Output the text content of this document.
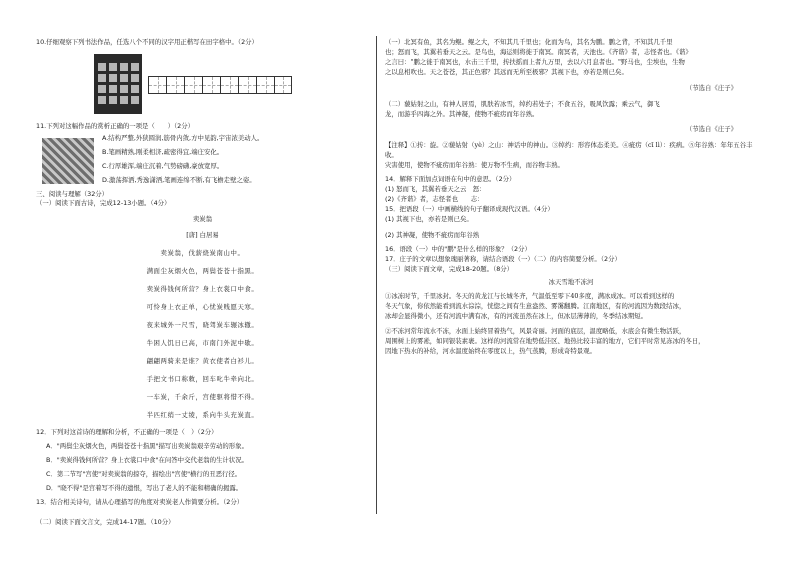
10.仔细观察下列书法作品，任选八个不同的汉字用正楷写在田字格中。（2分）

11.下列对这幅作品的赏析正确的一项是（　　）（2分）

A.结构严整,外狭圆润,筋骨内敛,方中见韵,宇宙浓美动人。

B.笔画精熟,刚柔相济,疏密得宜,端庄安化。

C.行厚雄浑,端庄沉着,气势磅礴,豪放宽厚。

D.激荡挥洒,秀逸潇洒,笔画连绵不断,有飞檐走壁之姿。

三、阅读与理解（32分）

（一）阅读下面古诗，完成12-13小题。（4分）

卖炭翁

[唐] 白居易

卖炭翁，伐薪烧炭南山中。

满面尘灰烟火色，两鬓苍苍十指黑。

卖炭得钱何所营？身上衣裳口中食。

可怜身上衣正单，心忧炭贱愿天寒。

夜来城外一尺雪，晓驾炭车辗冰辙。

牛困人饥日已高，市南门外泥中歇。

翩翩两骑来是谁？黄衣使者白衫儿。

手把文书口称敕，回车叱牛牵向北。

一车炭，千余斤，宫使驱将惜不得。

半匹红绡一丈绫，系向牛头充炭直。

12．下列对这首诗的理解和分析，不正确的一项是（　）（2分）

A．"两鬓尘灰烟火色，两鬓苍苍十指黑"描写出卖炭翁艰辛劳动的形象。

B．"卖炭得钱何所营？身上衣裳口中食"在问答中交代老翁的生计状况。

C．第二节写"宫使"对卖炭翁的掠夺，描绘出"宫使"横行的丑恶行径。

D．"晓不得"是宫着写不得的遗恨，写出了老人的不能和精确的揭露。

13．结合相关诗句，请从心理描写的角度对卖炭老人作简要分析。（2分）

（二）阅读下面文言文，完成14-17题。（10分）

（一）北冥有鱼，其名为鲲。鲲之大，不知其几千里也；化而为鸟，其名为鹏。鹏之背，不知其几千里

也；怒而飞，其翼若垂天之云。是鸟也，海运则将徙于南冥。南冥者，天池也。《齐谐》者，志怪者也。《谐》

之言曰："鹏之徙于南冥也，水击三千里，抟扶摇而上者九万里，去以六月息者也。"野马也，尘埃也，生物

之以息相吹也。天之苍苍，其正色邪？其远而无所至极邪？其视下也，亦若是则已矣。

（节选自《庄子》

（二）藐姑射之山，有神人居焉，肌肤若冰雪，绰约若处子；不食五谷，吸风饮露；乘云气，御飞

龙，而游乎四海之外。其神凝，使物不疵疠而年谷熟。

（节选自《庄子》

【注释】①抟：旋。②藐姑射（yè）之山：神话中的神山。③绰约：形容体态柔美。④疵疠（cī lì）：疾病。⑤年谷熟：年年五谷丰收。

灾害使用，使物不疵疠而年谷熟：使万物不生病，而谷物丰熟。

14．解释下面加点词语在句中的意思。（2分）

(1) 怒而飞，其翼若垂天之云　怒：

(2)《齐谐》者，志怪者也　　志：

15．把语段（一）中画横线的句子翻译成现代汉语。（4分）

(1) 其视下也，亦若是则已矣。

(2) 其神凝，使物不疵疠而年谷熟

16．语段（一）中的"鹏"是什么样的形象？（2分）

17．庄子的文章以想象瑰丽著称，请结合语段（一）（二）的内容简要分析。（2分）

（三）阅读下面文章，完成18-20题。（8分）

冰天雪地不冻河

①冰冻时节，千里冰封。冬天的黄龙江与长城冬齐，气温低至零下40多度，满冰成冰。可以看到这样的

冬天气象，你依然能看到流水淙淙，恍惚之间有生意盎然、雾霭翻腾。江南地区，有的河流因为数段结冰，

冰却会显得微小，还有河流中满有冰，有的河流虽然在冰上，但冰层薄薄的，冬季结冰期短。

②不冻河常年流水不冻，水面上始终冒着热气，风景奇丽。河面的底层，温度略低，水底会有微生物活跃，

周围树上的雾凇，如同银装素裹。这样的河流常在地势低洼区、地热比较丰富的地方，它们平时常见冻冰的冬日，

因地下热水的补给，河水温度始终在零度以上，热气蒸腾，形成奇特景观。
